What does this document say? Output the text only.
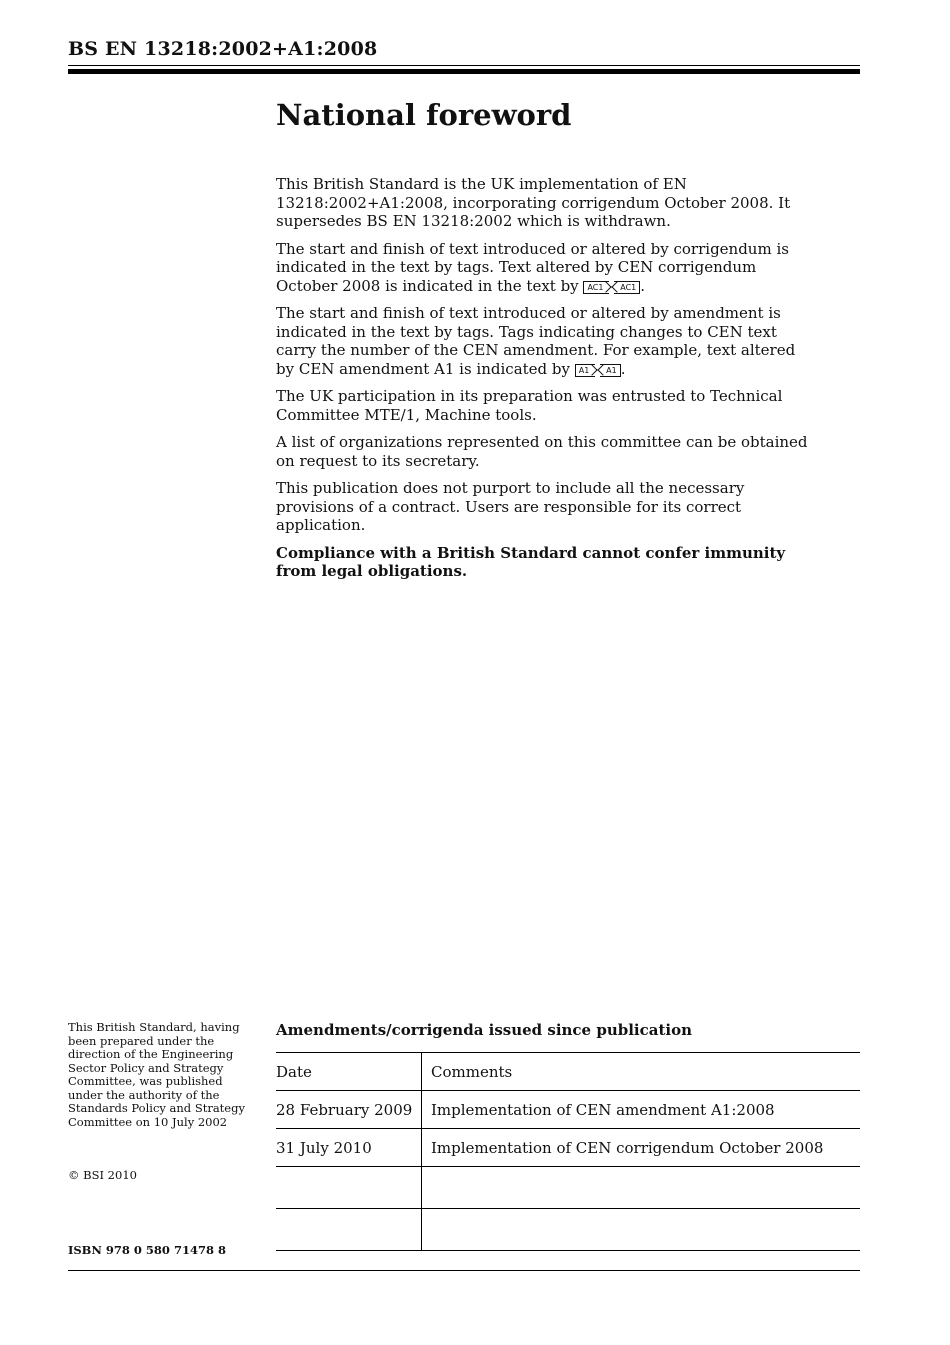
BS EN 13218:2002+A1:2008
National foreword

This British Standard is the UK implementation of EN 13218:2002+A1:2008, incorporating corrigendum October 2008. It supersedes BS EN 13218:2002 which is withdrawn.

The start and finish of text introduced or altered by corrigendum is indicated in the text by tags. Text altered by CEN corrigendum October 2008 is indicated in the text by AC1 AC1 .

The start and finish of text introduced or altered by amendment is indicated in the text by tags. Tags indicating changes to CEN text carry the number of the CEN amendment. For example, text altered by CEN amendment A1 is indicated by A1 A1 .

The UK participation in its preparation was entrusted to Technical Committee MTE/1, Machine tools.

A list of organizations represented on this committee can be obtained on request to its secretary.

This publication does not purport to include all the necessary provisions of a contract. Users are responsible for its correct application.

Compliance with a British Standard cannot confer immunity from legal obligations.

This British Standard, having been prepared under the direction of the Engineering Sector Policy and Strategy Committee, was published under the authority of the Standards Policy and Strategy Committee on 10 July 2002
© BSI 2010
ISBN 978 0 580 71478 8
Amendments/corrigenda issued since publication
Date	Comments
28 February 2009	Implementation of CEN amendment A1:2008
31 July 2010	Implementation of CEN corrigendum October 2008
